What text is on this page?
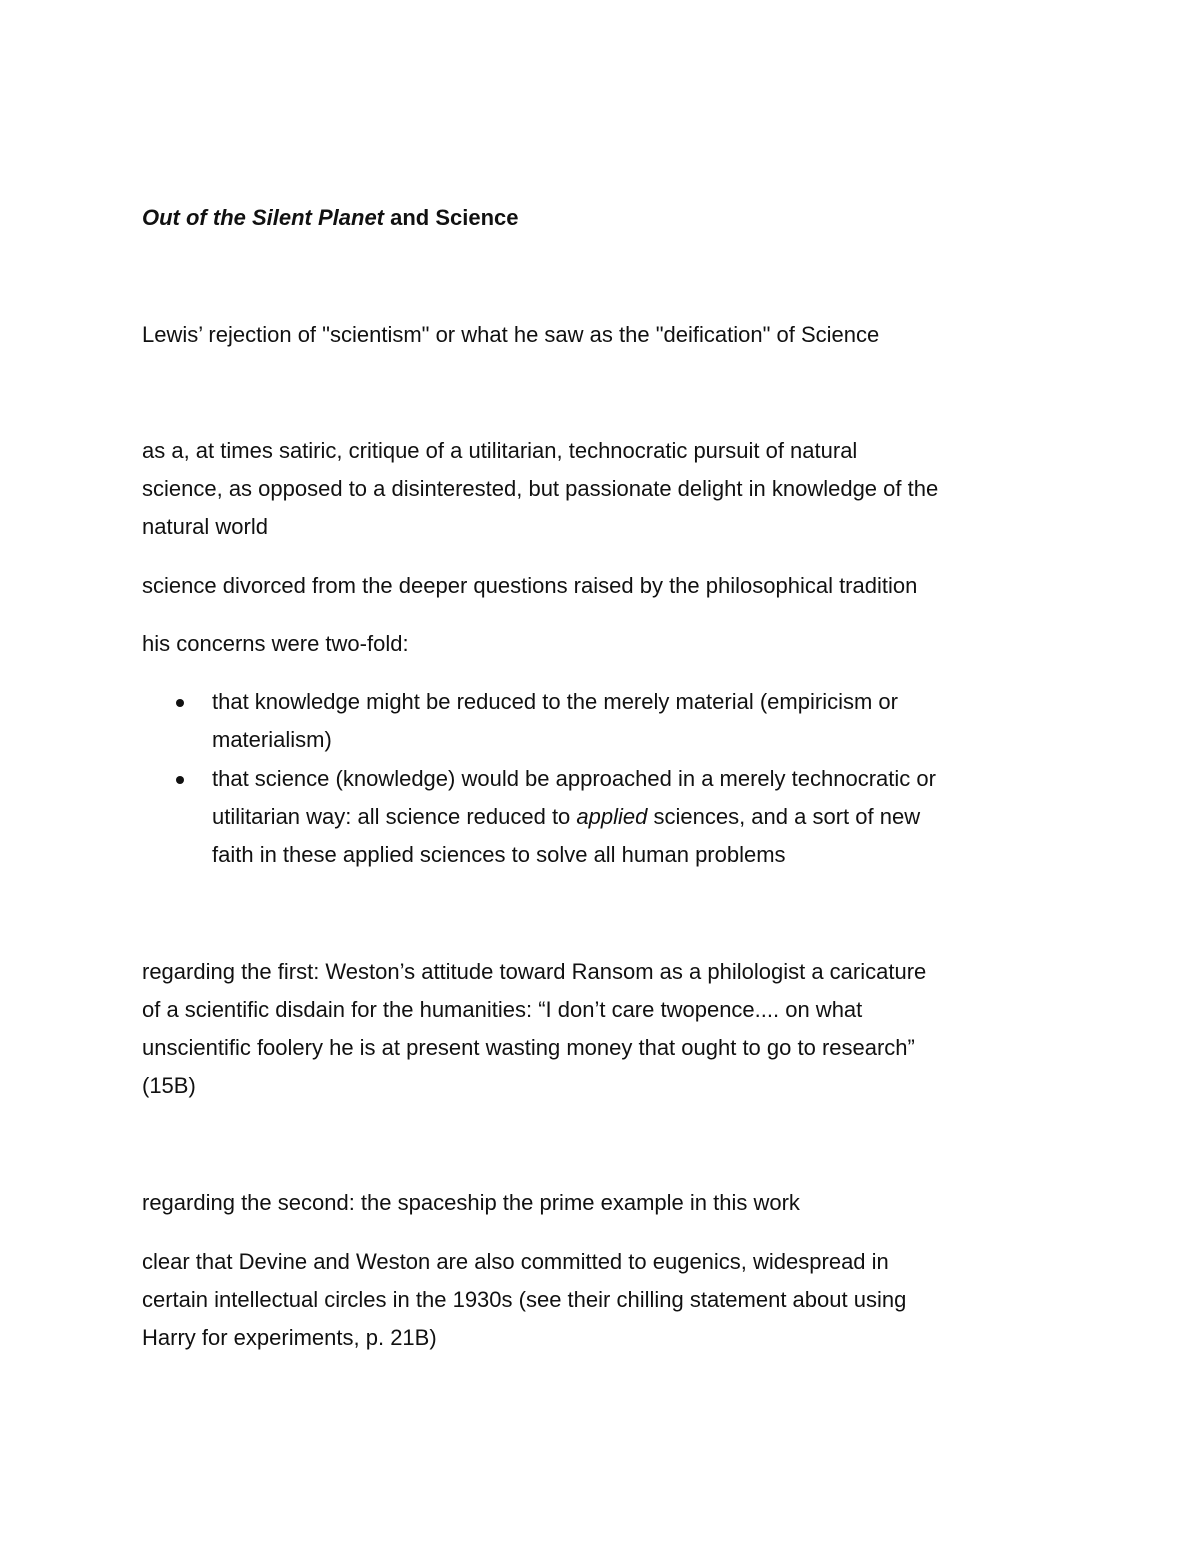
Out of the Silent Planet and Science
Lewis’ rejection of "scientism" or what he saw as the "deification" of Science
as a, at times satiric, critique of a utilitarian, technocratic pursuit of natural
science, as opposed to a disinterested, but passionate delight in knowledge of the
natural world
science divorced from the deeper questions raised by the philosophical tradition
his concerns were two-fold:
that knowledge might be reduced to the merely material (empiricism or
materialism)
that science (knowledge) would be approached in a merely technocratic or
utilitarian way: all science reduced to applied sciences, and a sort of new
faith in these applied sciences to solve all human problems
regarding the first: Weston’s attitude toward Ransom as a philologist a caricature
of a scientific disdain for the humanities: “I don’t care twopence.... on what
unscientific foolery he is at present wasting money that ought to go to research”
(15B)
regarding the second: the spaceship the prime example in this work
clear that Devine and Weston are also committed to eugenics, widespread in
certain intellectual circles in the 1930s (see their chilling statement about using
Harry for experiments, p. 21B)
